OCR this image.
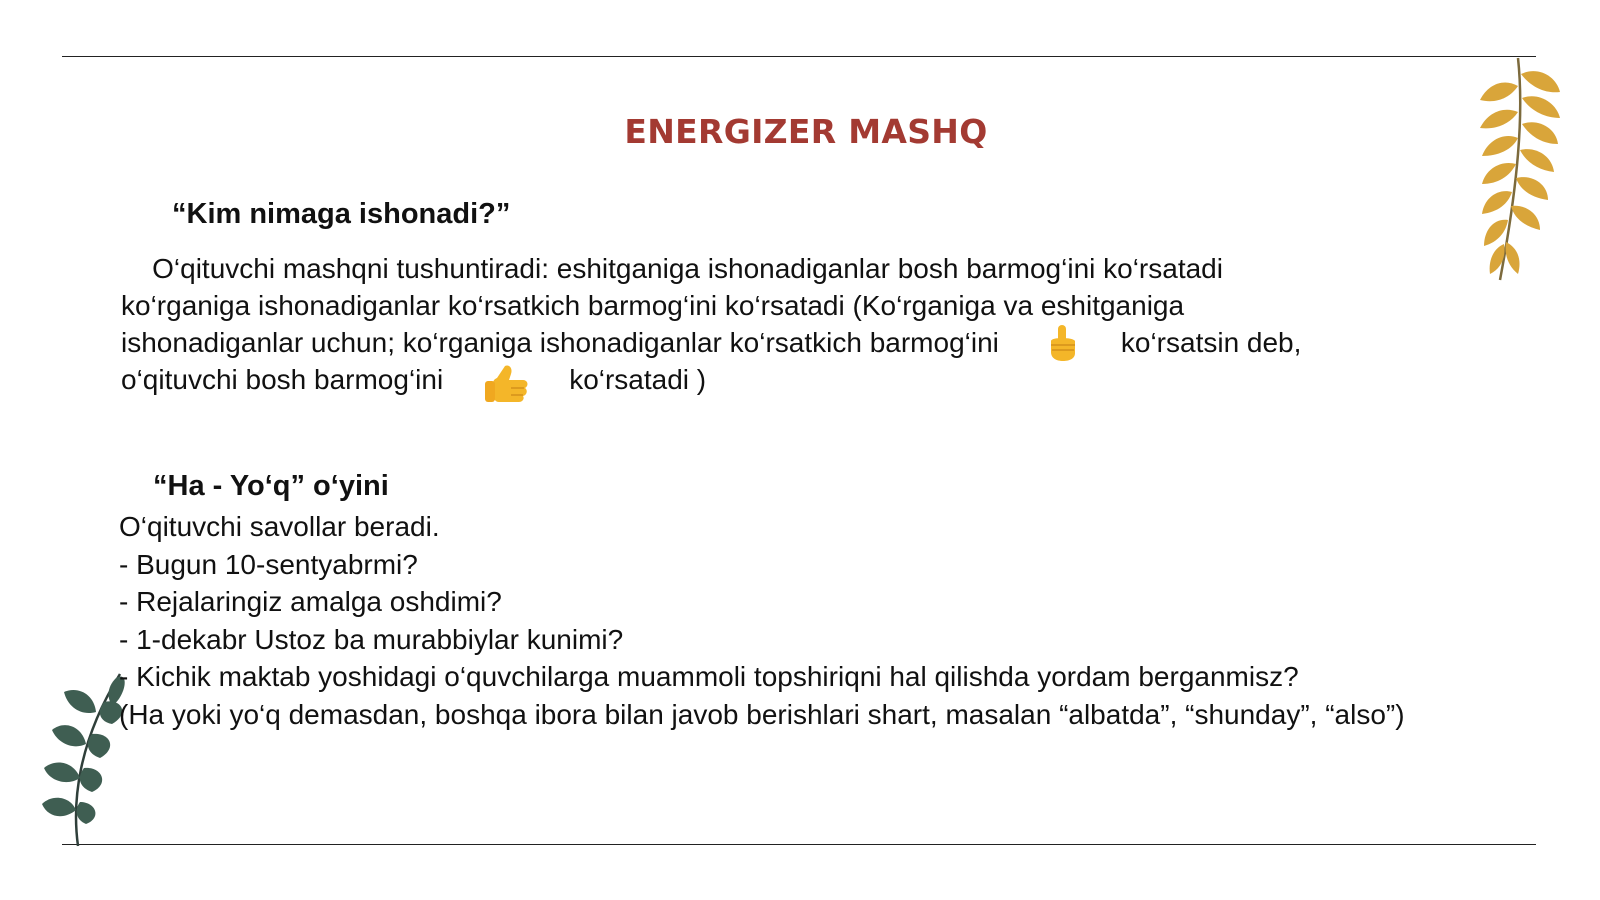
ENERGIZER MASHQ
“Kim nimaga ishonadi?”
O‘qituvchi mashqni tushuntiradi: eshitganiga ishonadiganlar bosh barmog‘ini ko‘rsatadi
ko‘rganiga ishonadiganlar ko‘rsatkich barmog‘ini ko‘rsatadi (Ko‘rganiga va eshitganiga
ishonadiganlar uchun; ko‘rganiga ishonadiganlar ko‘rsatkich barmog‘ini	ko‘rsatsin deb,
o‘qituvchi bosh barmog‘ini	ko‘rsatadi )
“Ha - Yo‘q” o‘yini
O‘qituvchi savollar beradi.
- Bugun 10-sentyabrmi?
- Rejalaringiz amalga oshdimi?
- 1-dekabr Ustoz ba murabbiylar kunimi?
- Kichik maktab yoshidagi o‘quvchilarga muammoli topshiriqni hal qilishda yordam berganmisz?
(Ha yoki yo‘q demasdan, boshqa ibora bilan javob berishlari shart, masalan “albatda”, “shunday”, “also”)
